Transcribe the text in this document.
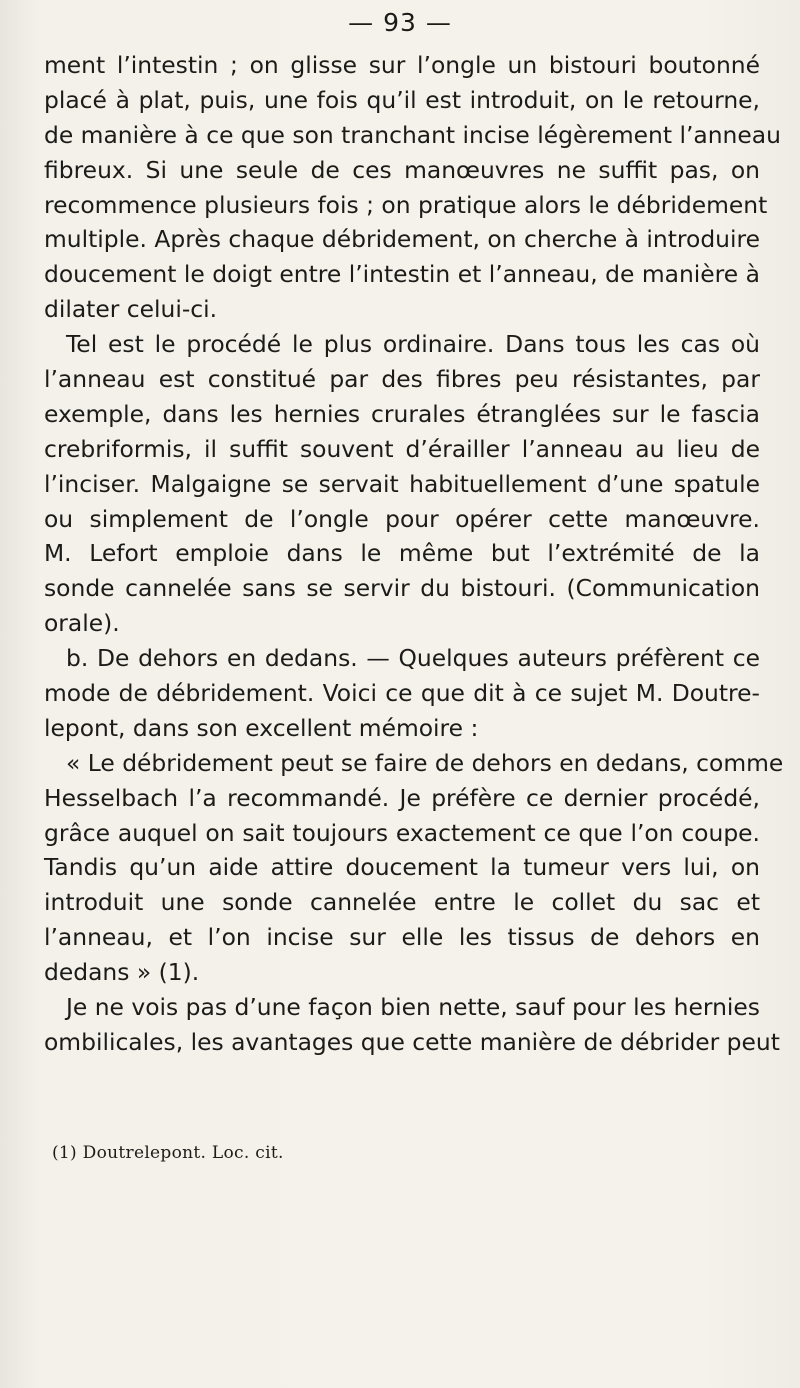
— 93 —
ment l’intestin ; on glisse sur l’ongle un bistouri boutonné
placé à plat, puis, une fois qu’il est introduit, on le retourne,
de manière à ce que son tranchant incise légèrement l’anneau
fibreux. Si une seule de ces manœuvres ne suffit pas, on
recommence plusieurs fois ; on pratique alors le débridement
multiple. Après chaque débridement, on cherche à introduire
doucement le doigt entre l’intestin et l’anneau, de manière à
dilater celui-ci.
Tel est le procédé le plus ordinaire. Dans tous les cas où
l’anneau est constitué par des fibres peu résistantes, par
exemple, dans les hernies crurales étranglées sur le fascia
crebriformis, il suffit souvent d’érailler l’anneau au lieu de
l’inciser. Malgaigne se servait habituellement d’une spatule
ou simplement de l’ongle pour opérer cette manœuvre.
M. Lefort emploie dans le même but l’extrémité de la
sonde cannelée sans se servir du bistouri. (Communication
orale).
b. De dehors en dedans. — Quelques auteurs préfèrent ce
mode de débridement. Voici ce que dit à ce sujet M. Doutre-
lepont, dans son excellent mémoire :
« Le débridement peut se faire de dehors en dedans, comme
Hesselbach l’a recommandé. Je préfère ce dernier procédé,
grâce auquel on sait toujours exactement ce que l’on coupe.
Tandis qu’un aide attire doucement la tumeur vers lui, on
introduit une sonde cannelée entre le collet du sac et
l’anneau, et l’on incise sur elle les tissus de dehors en
dedans » (1).
Je ne vois pas d’une façon bien nette, sauf pour les hernies
ombilicales, les avantages que cette manière de débrider peut
(1) Doutrelepont. Loc. cit.
